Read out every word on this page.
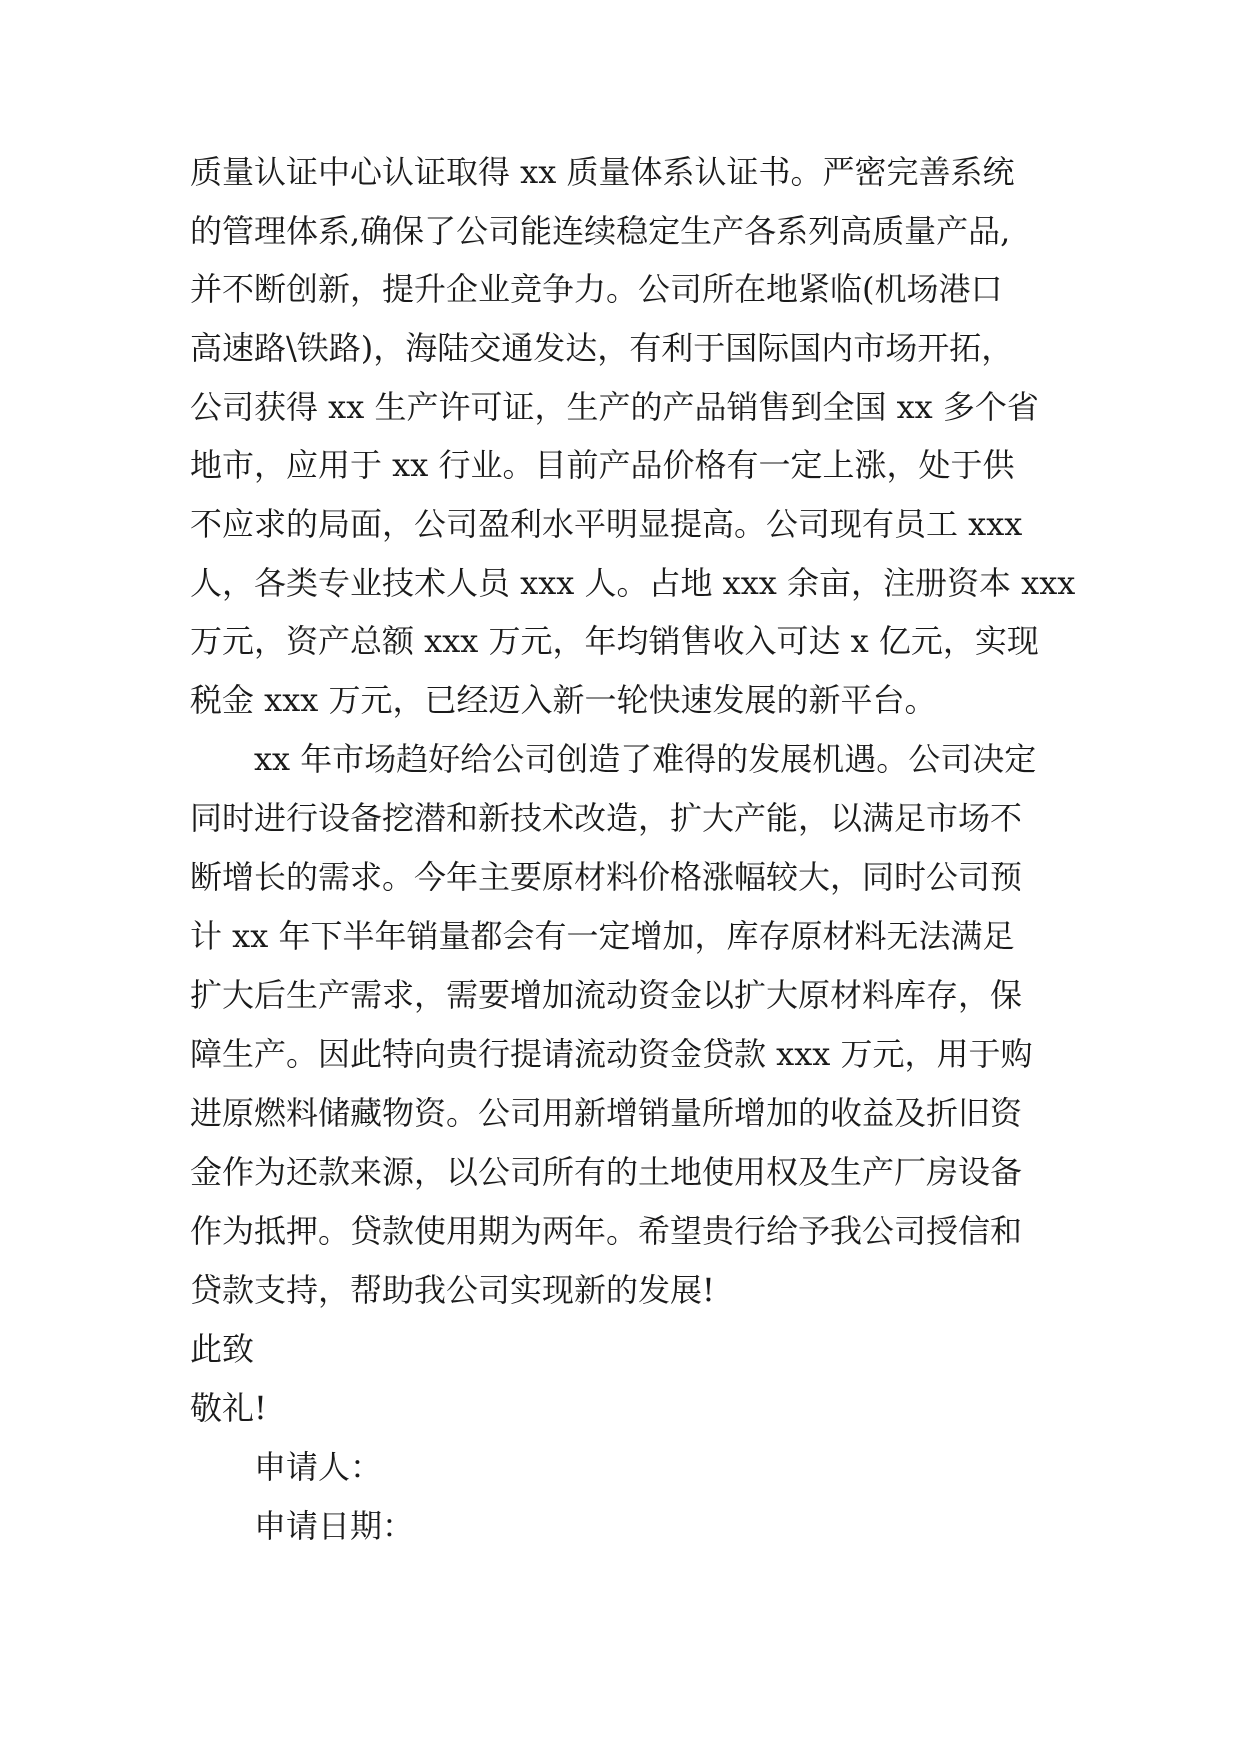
质量认证中心认证取得 xx 质量体系认证书。严密完善系统

的管理体系,确保了公司能连续稳定生产各系列高质量产品,

并不断创新，提升企业竞争力。公司所在地紧临(机场港口

高速路\铁路)，海陆交通发达，有利于国际国内市场开拓，

公司获得 xx 生产许可证，生产的产品销售到全国 xx 多个省

地市，应用于 xx 行业。目前产品价格有一定上涨，处于供

不应求的局面，公司盈利水平明显提高。公司现有员工 xxx

人，各类专业技术人员 xxx 人。占地 xxx 余亩，注册资本 xxx

万元，资产总额 xxx 万元，年均销售收入可达 x 亿元，实现

税金 xxx 万元，已经迈入新一轮快速发展的新平台。

xx 年市场趋好给公司创造了难得的发展机遇。公司决定

同时进行设备挖潜和新技术改造，扩大产能，以满足市场不

断增长的需求。今年主要原材料价格涨幅较大，同时公司预

计 xx 年下半年销量都会有一定增加，库存原材料无法满足

扩大后生产需求，需要增加流动资金以扩大原材料库存，保

障生产。因此特向贵行提请流动资金贷款 xxx 万元，用于购

进原燃料储藏物资。公司用新增销量所增加的收益及折旧资

金作为还款来源，以公司所有的土地使用权及生产厂房设备

作为抵押。贷款使用期为两年。希望贵行给予我公司授信和

贷款支持，帮助我公司实现新的发展!

此致

敬礼!

申请人：

申请日期：
